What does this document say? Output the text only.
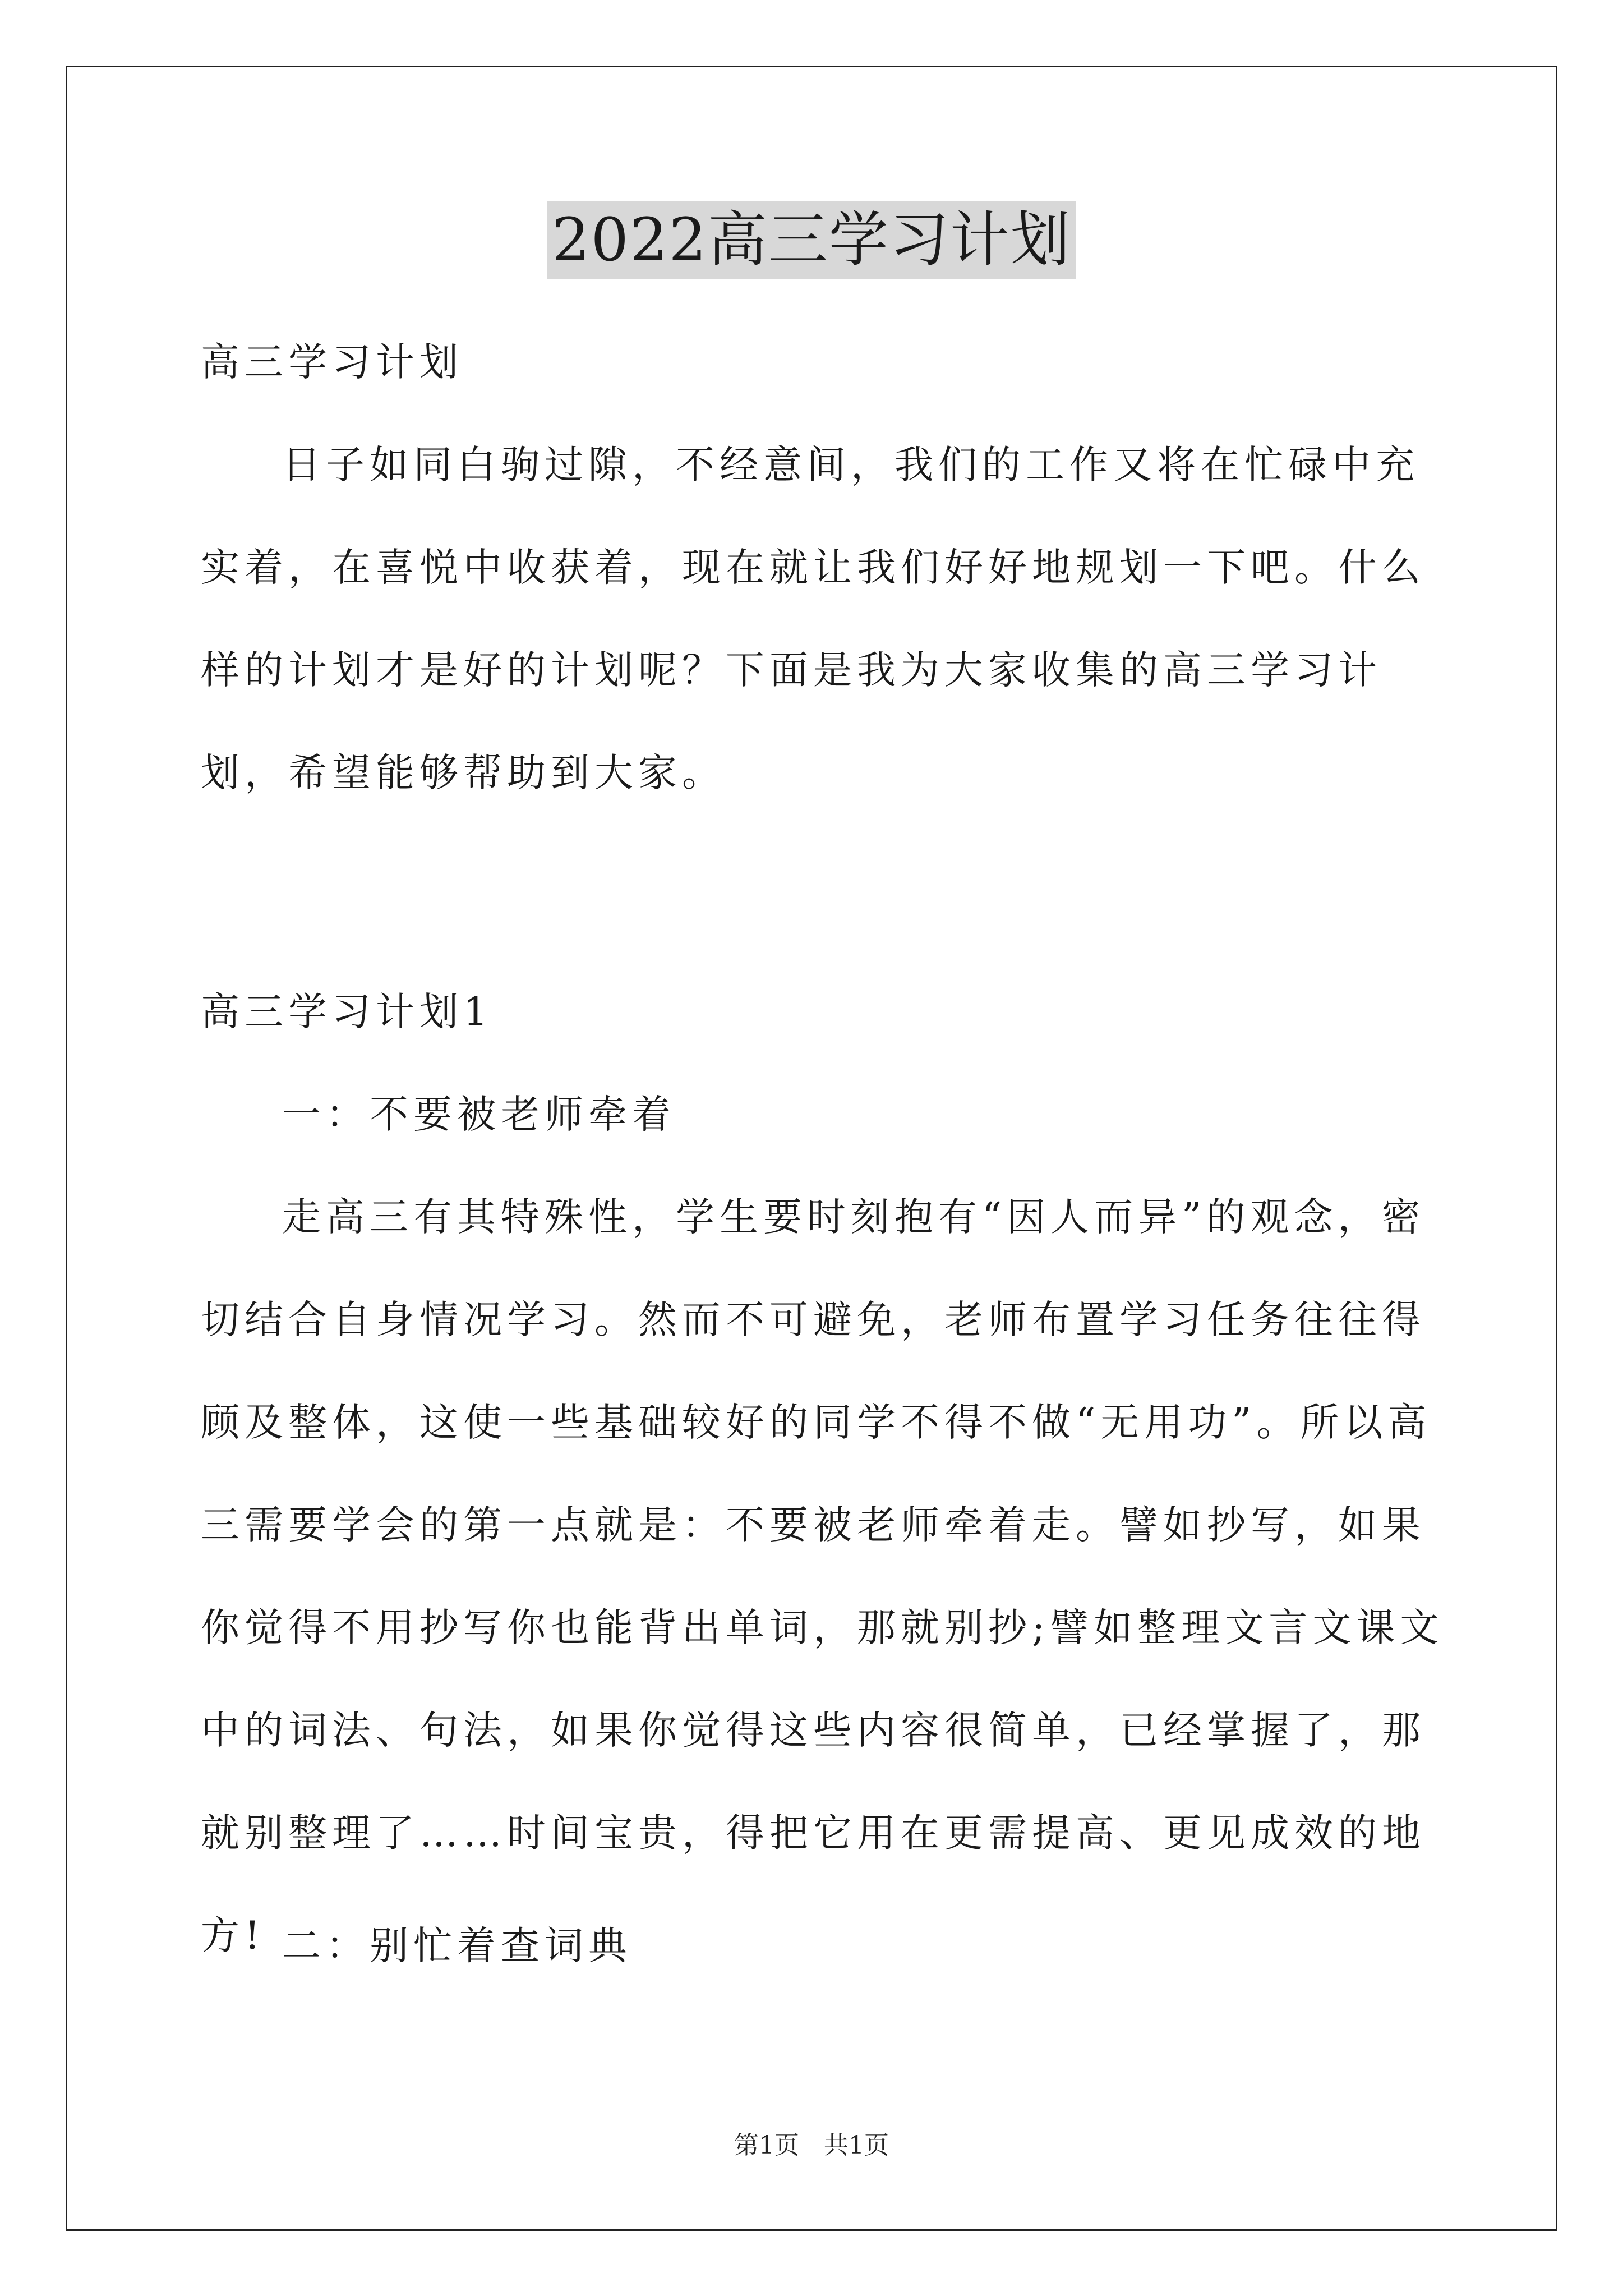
2022高三学习计划

高三学习计划

日子如同白驹过隙，不经意间，我们的工作又将在忙碌中充实着，在喜悦中收获着，现在就让我们好好地规划一下吧。什么样的计划才是好的计划呢？下面是我为大家收集的高三学习计划，希望能够帮助到大家。

高三学习计划1

一：不要被老师牵着

走高三有其特殊性，学生要时刻抱有“因人而异”的观念，密切结合自身情况学习。然而不可避免，老师布置学习任务往往得顾及整体，这使一些基础较好的同学不得不做“无用功”。所以高三需要学会的第一点就是：不要被老师牵着走。譬如抄写，如果你觉得不用抄写你也能背出单词，那就别抄;譬如整理文言文课文中的词法、句法，如果你觉得这些内容很简单，已经掌握了，那就别整理了……时间宝贵，得把它用在更需提高、更见成效的地方! 二：别忙着查词典

第1页　共1页
